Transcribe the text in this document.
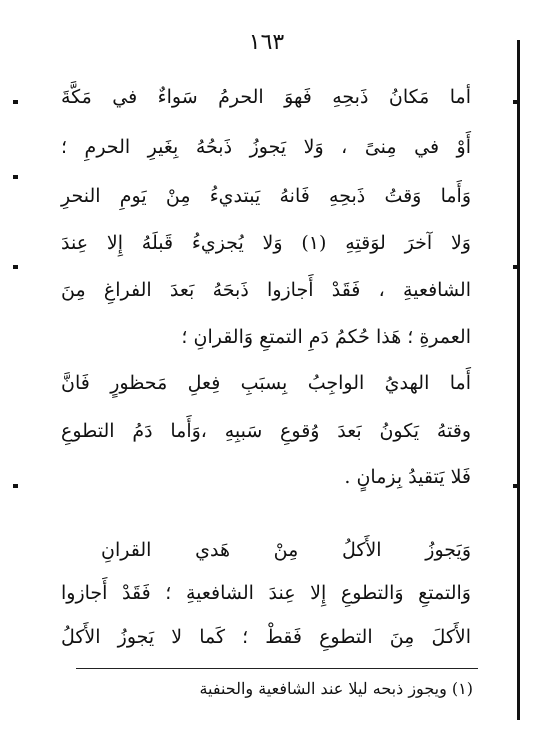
١٦٣
أما مَكانُ ذَبحِهِ فَهوَ الحرمُ سَواءٌ في مَكَّةَ
أَوْ في مِنىً ، وَلا يَجوزُ ذَبحُهُ بِغَيرِ الحرمِ ؛
وَأَما وَقتُ ذَبحِهِ فَانهُ يَبتديءُ مِنْ يَومِ النحرِ
وَلا آخرَ لوَقتِهِ (١) وَلا يُجزيءُ قَبلَهُ إِلا عِندَ
الشافعيةِ ، فَقَدْ أَجازوا ذَبحَهُ بَعدَ الفراغِ مِنَ
العمرةِ ؛ هَذا حُكمُ دَمِ التمتعِ وَالقرانِ ؛
أَما الهديُ الواجِبُ بِسبَبِ فِعلِ مَحظورٍ فَانَّ
وقتهُ يَكونُ بَعدَ وُقوعِ سَببِهِ ،وَأَما دَمُ التطوعِ
فَلا يَتقيدُ بِزمانٍ .
وَيَجوزُ الأَكلُ مِنْ هَدي القرانِ
وَالتمتعِ وَالتطوعِ إِلا عِندَ الشافعيةِ ؛ فَقَدْ أَجازوا
الأَكلَ مِنَ التطوعِ فَقطْ ؛ كَما لا يَجوزُ الأَكلُ
(١) ويجوز ذبحه ليلا عند الشافعية والحنفية
